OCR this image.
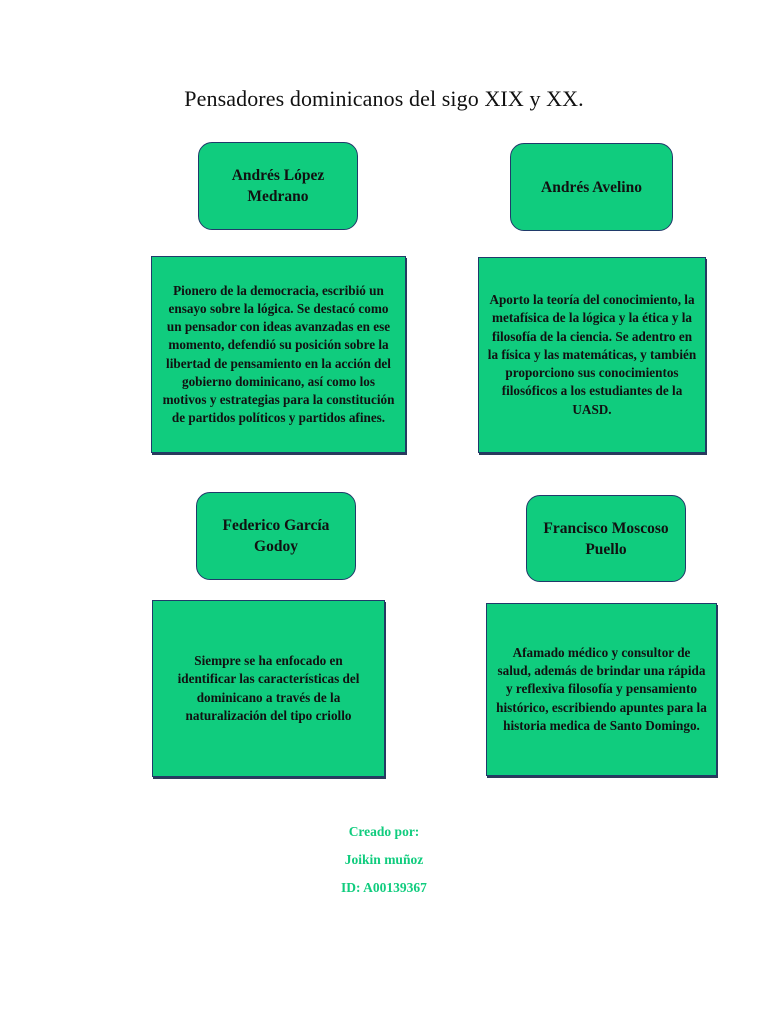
Pensadores dominicanos del sigo XIX y XX.
Andrés López Medrano
Pionero de la democracia, escribió un ensayo sobre la lógica. Se destacó como un pensador con ideas avanzadas en ese momento, defendió su posición sobre la libertad de pensamiento en la acción del gobierno dominicano, así como los motivos y estrategias para la constitución de partidos políticos y partidos afines.
Andrés Avelino
Aporto la teoría del conocimiento, la metafísica de la lógica y la ética y la filosofía de la ciencia. Se adentro en la física y las matemáticas, y también proporciono sus conocimientos filosóficos a los estudiantes de la UASD.
Federico García Godoy
Siempre se ha enfocado en identificar las características del dominicano a través de la naturalización del tipo criollo
Francisco Moscoso Puello
Afamado médico y consultor de salud, además de brindar una rápida y reflexiva filosofía y pensamiento histórico, escribiendo apuntes para la historia medica de Santo Domingo.
Creado por:
Joikin muñoz
ID: A00139367
